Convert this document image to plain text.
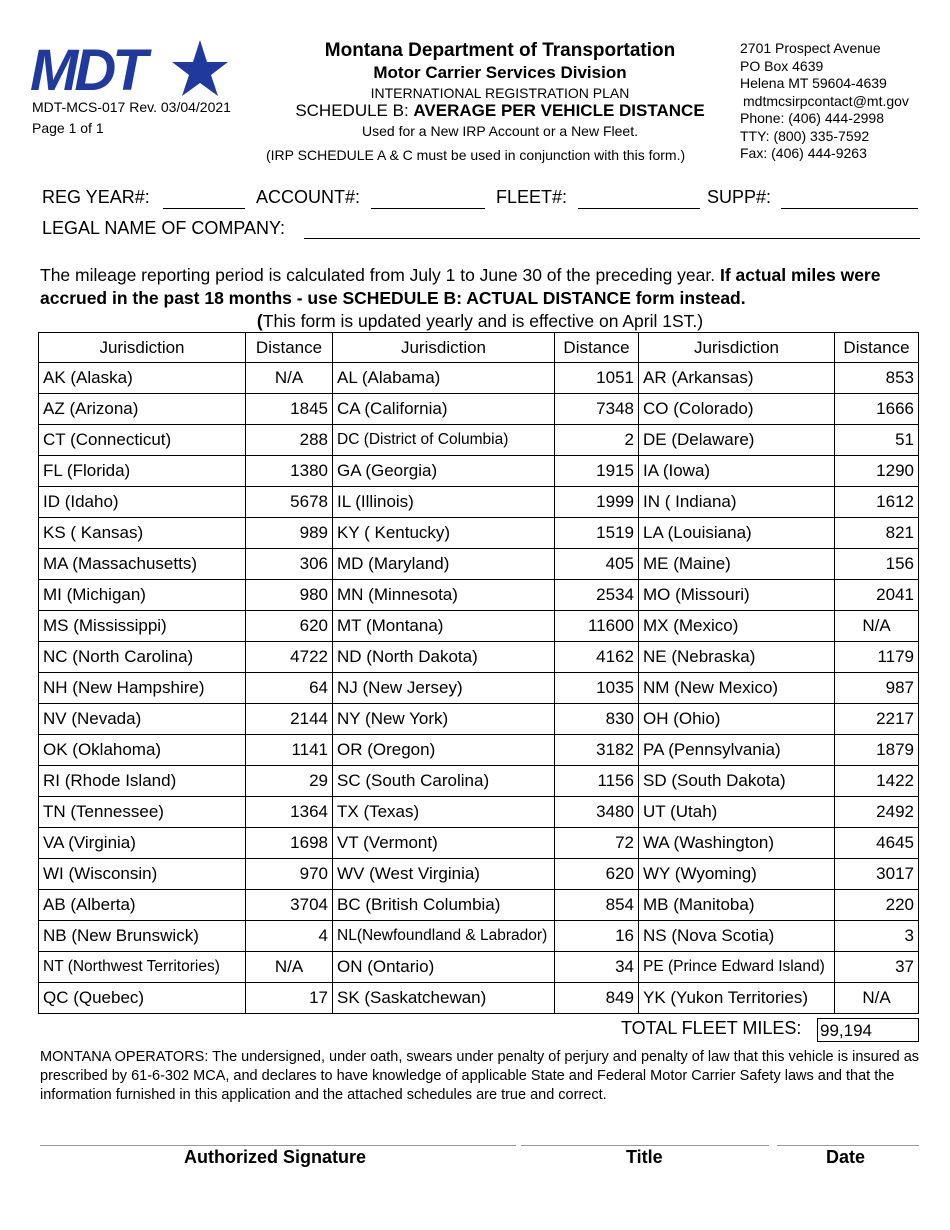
MDT
MDT-MCS-017 Rev. 03/04/2021
Page 1 of 1
Montana Department of Transportation
Motor Carrier Services Division
INTERNATIONAL REGISTRATION PLAN
SCHEDULE B: AVERAGE PER VEHICLE DISTANCE
Used for a New IRP Account or a New Fleet.
(IRP SCHEDULE A & C must be used in conjunction with this form.)
2701 Prospect Avenue
PO Box 4639
Helena MT 59604-4639
mdtmcsirpcontact@mt.gov
Phone: (406) 444-2998
TTY: (800) 335-7592
Fax: (406) 444-9263
REG YEAR#:	ACCOUNT#:	FLEET#:	SUPP#:
LEGAL NAME OF COMPANY:
The mileage reporting period is calculated from July 1 to June 30 of the preceding year. If actual miles were accrued in the past 18 months - use SCHEDULE B: ACTUAL DISTANCE form instead.
(This form is updated yearly and is effective on April 1ST.)
Jurisdiction	Distance	Jurisdiction	Distance	Jurisdiction	Distance
AK (Alaska)	N/A	AL (Alabama)	1051	AR (Arkansas)	853
AZ (Arizona)	1845	CA (California)	7348	CO (Colorado)	1666
CT (Connecticut)	288	DC (District of Columbia)	2	DE (Delaware)	51
FL (Florida)	1380	GA (Georgia)	1915	IA (Iowa)	1290
ID (Idaho)	5678	IL (Illinois)	1999	IN ( Indiana)	1612
KS ( Kansas)	989	KY ( Kentucky)	1519	LA (Louisiana)	821
MA (Massachusetts)	306	MD (Maryland)	405	ME (Maine)	156
MI (Michigan)	980	MN (Minnesota)	2534	MO (Missouri)	2041
MS (Mississippi)	620	MT (Montana)	11600	MX (Mexico)	N/A
NC (North Carolina)	4722	ND (North Dakota)	4162	NE (Nebraska)	1179
NH (New Hampshire)	64	NJ (New Jersey)	1035	NM (New Mexico)	987
NV (Nevada)	2144	NY (New York)	830	OH (Ohio)	2217
OK (Oklahoma)	1141	OR (Oregon)	3182	PA (Pennsylvania)	1879
RI (Rhode Island)	29	SC (South Carolina)	1156	SD (South Dakota)	1422
TN (Tennessee)	1364	TX (Texas)	3480	UT (Utah)	2492
VA (Virginia)	1698	VT (Vermont)	72	WA (Washington)	4645
WI (Wisconsin)	970	WV (West Virginia)	620	WY (Wyoming)	3017
AB (Alberta)	3704	BC (British Columbia)	854	MB (Manitoba)	220
NB (New Brunswick)	4	NL(Newfoundland & Labrador)	16	NS (Nova Scotia)	3
NT (Northwest Territories)	N/A	ON (Ontario)	34	PE (Prince Edward Island)	37
QC (Quebec)	17	SK (Saskatchewan)	849	YK (Yukon Territories)	N/A
TOTAL FLEET MILES: 99,194
MONTANA OPERATORS: The undersigned, under oath, swears under penalty of perjury and penalty of law that this vehicle is insured as prescribed by 61-6-302 MCA, and declares to have knowledge of applicable State and Federal Motor Carrier Safety laws and that the information furnished in this application and the attached schedules are true and correct.
Authorized Signature	Title	Date
